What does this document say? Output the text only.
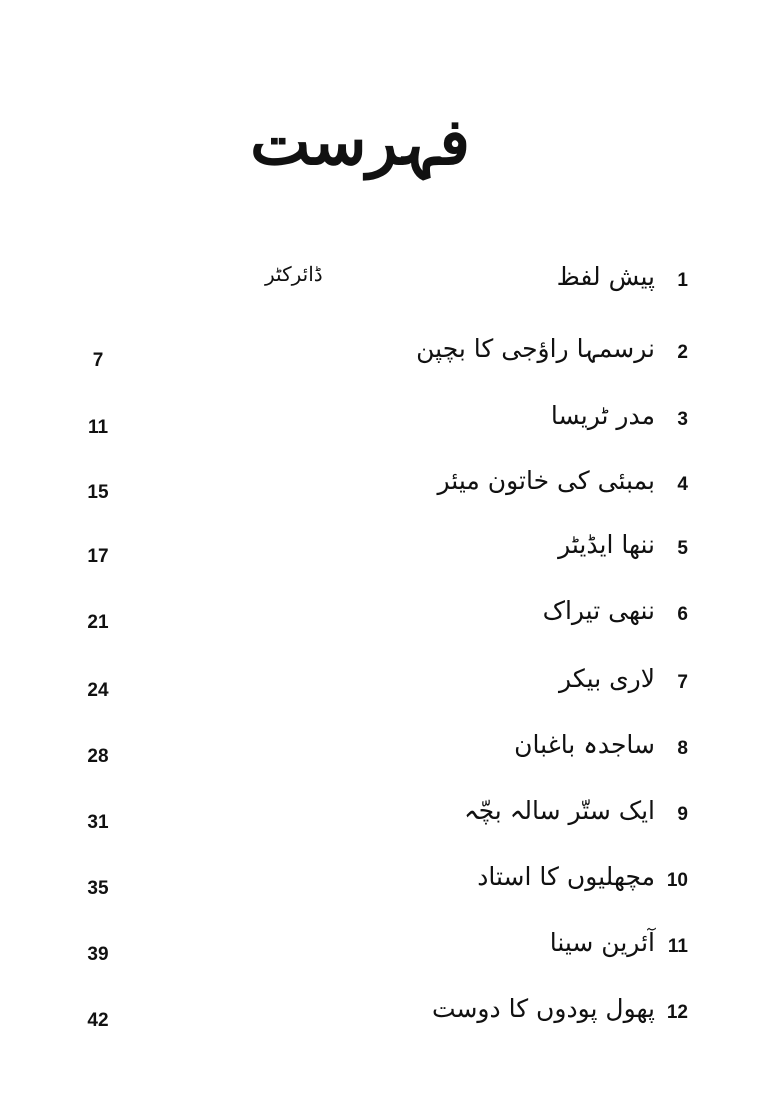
فہرست
1
پیش لفظ
ڈائرکٹر
2
نرسمہا راؤجی کا بچپن
7
3
مدر ٹریسا
11
4
بمبئی کی خاتون میئر
15
5
ننھا ایڈیٹر
17
6
ننھی تیراک
21
7
لاری بیکر
24
8
ساجدہ باغبان
28
9
ایک ستّر سالہ بچّہ
31
10
مچھلیوں کا استاد
35
11
آئرین سینا
39
12
پھول پودوں کا دوست
42
